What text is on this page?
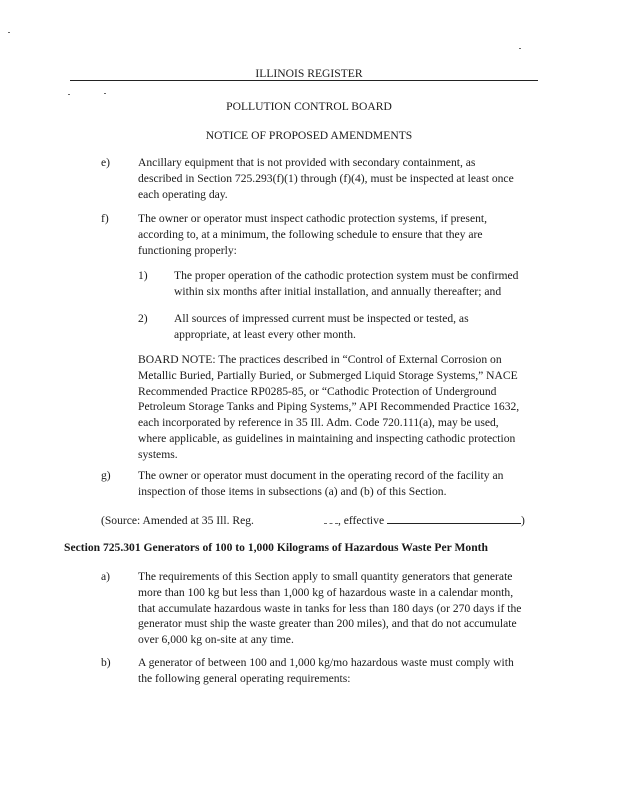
ILLINOIS REGISTER
POLLUTION CONTROL BOARD
NOTICE OF PROPOSED AMENDMENTS
e) Ancillary equipment that is not provided with secondary containment, as

described in Section 725.293(f)(1) through (f)(4), must be inspected at least once

each operating day.

f)	The owner or operator must inspect cathodic protection systems, if present,

according to, at a minimum, the following schedule to ensure that they are

functioning properly:

1) The proper operation of the cathodic protection system must be confirmed

within six months after initial installation, and annually thereafter; and

2) All sources of impressed current must be inspected or tested, as

appropriate, at least every other month.

BOARD NOTE: The practices described in “Control of External Corrosion on

Metallic Buried, Partially Buried, or Submerged Liquid Storage Systems,” NACE

Recommended Practice RP0285-85, or “Cathodic Protection of Underground

Petroleum Storage Tanks and Piping Systems,” API Recommended Practice 1632,

each incorporated by reference in 35 Ill. Adm. Code 720.111(a), may be used,

where applicable, as guidelines in maintaining and inspecting cathodic protection

systems.

g) The owner or operator must document in the operating record of the facility an

inspection of those items in subsections (a) and (b) of this Section.

(Source: Amended at 35 Ill. Reg.	, effective	)
Section 725.301 Generators of 100 to 1,000 Kilograms of Hazardous Waste Per Month
a) The requirements of this Section apply to small quantity generators that generate

more than 100 kg but less than 1,000 kg of hazardous waste in a calendar month,

that accumulate hazardous waste in tanks for less than 180 days (or 270 days if the

generator must ship the waste greater than 200 miles), and that do not accumulate

over 6,000 kg on-site at any time.

b) A generator of between 100 and 1,000 kg/mo hazardous waste must comply with

the following general operating requirements:
